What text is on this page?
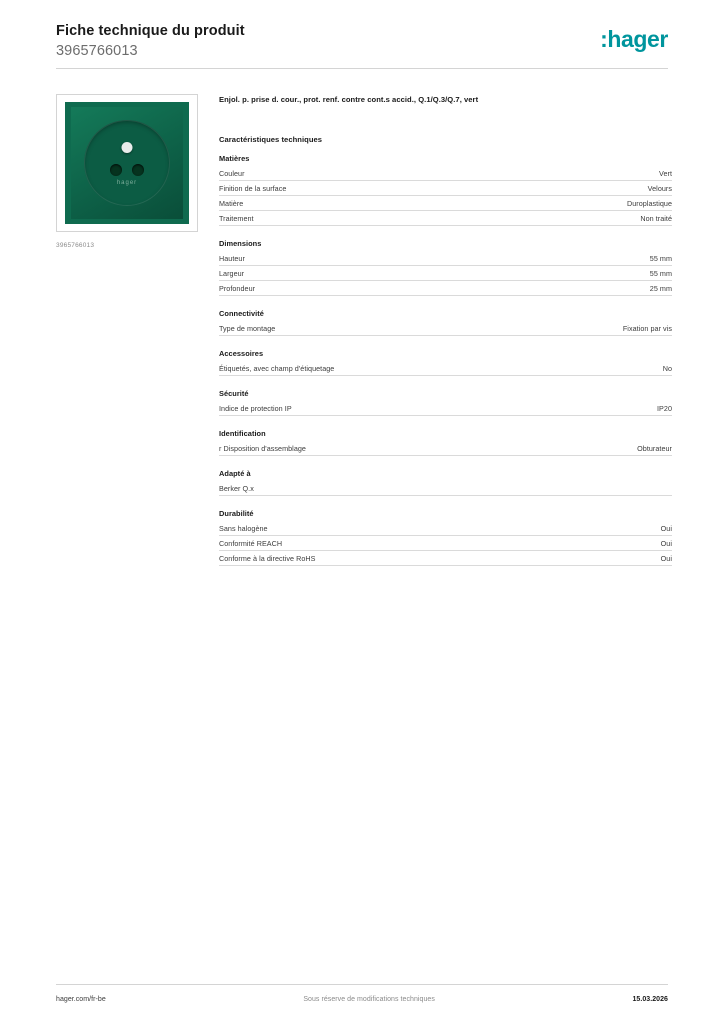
Fiche technique du produit
3965766013	:hager
hager
3965766013
Enjol. p. prise d. cour., prot. renf. contre cont.s accid., Q.1/Q.3/Q.7, vert
Caractéristiques techniques
Matières
Couleur	Vert
Finition de la surface	Velours
Matière	Duroplastique
Traitement	Non traité
Dimensions
Hauteur	55 mm
Largeur	55 mm
Profondeur	25 mm
Connectivité
Type de montage	Fixation par vis
Accessoires
Étiquetés, avec champ d'étiquetage	No
Sécurité
Indice de protection IP	IP20
Identification
r Disposition d'assemblage	Obturateur
Adapté à
Berker Q.x
Durabilité
Sans halogène	Oui
Conformité REACH	Oui
Conforme à la directive RoHS	Oui
hager.com/fr-be	Sous réserve de modifications techniques	15.03.2026
